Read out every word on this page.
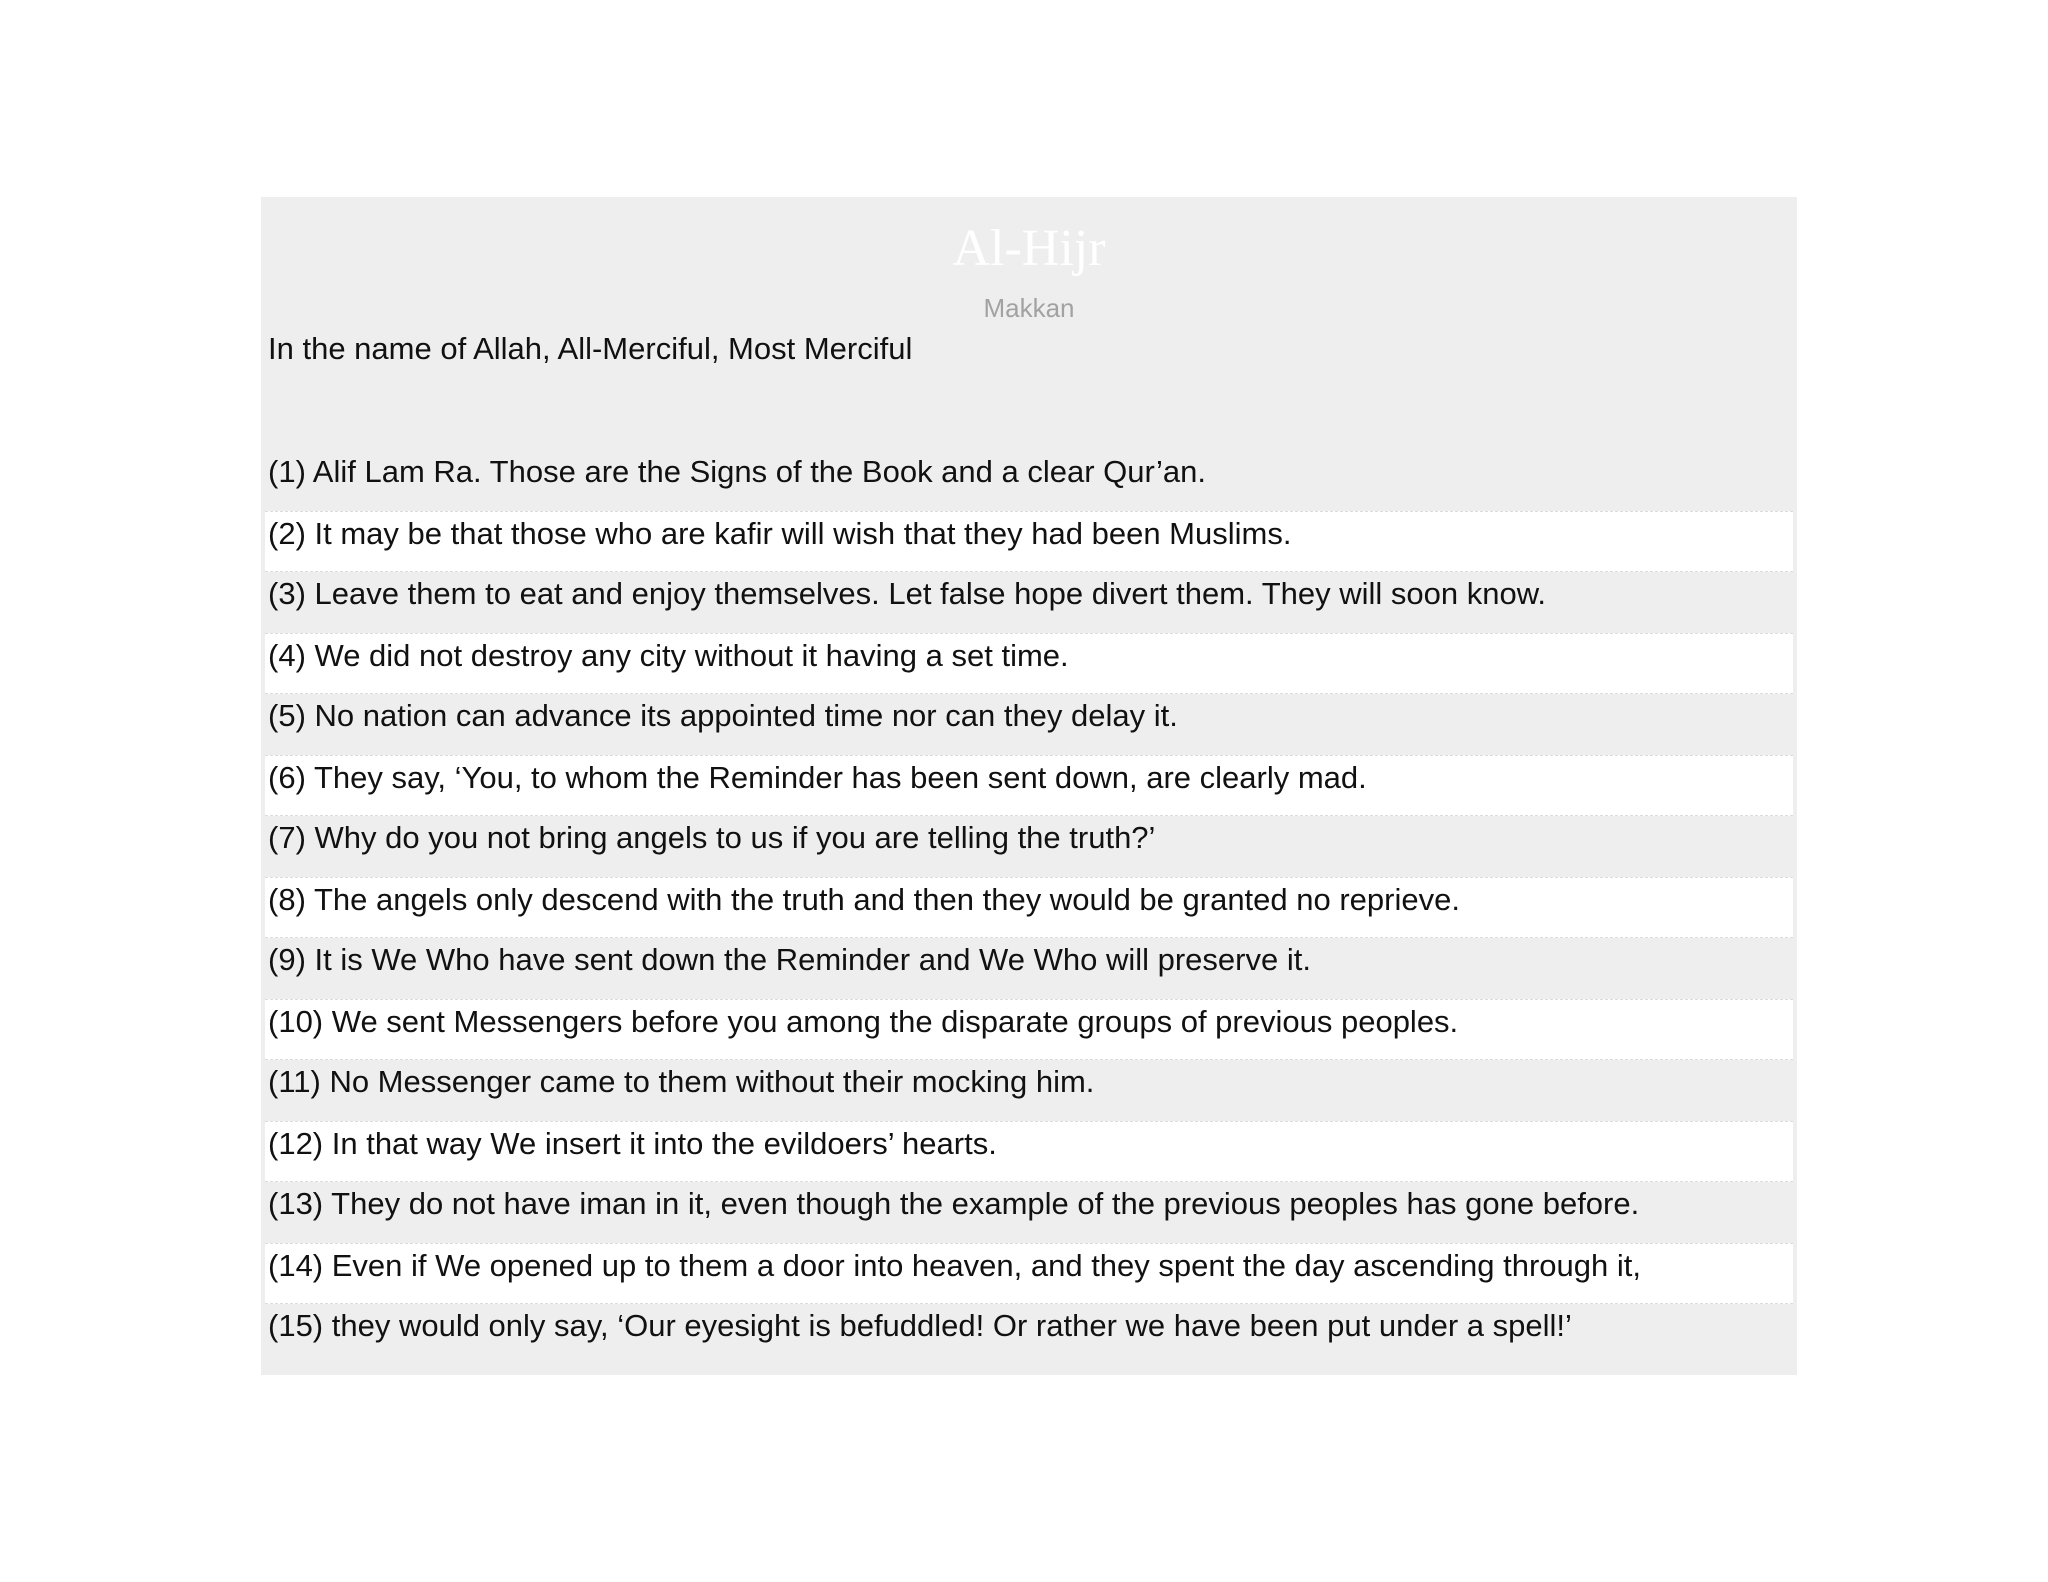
Al-Hijr
Makkan
In the name of Allah, All-Merciful, Most Merciful
(1) Alif Lam Ra. Those are the Signs of the Book and a clear Qur’an.
(2) It may be that those who are kafir will wish that they had been Muslims.
(3) Leave them to eat and enjoy themselves. Let false hope divert them. They will soon know.
(4) We did not destroy any city without it having a set time.
(5) No nation can advance its appointed time nor can they delay it.
(6) They say, ‘You, to whom the Reminder has been sent down, are clearly mad.
(7) Why do you not bring angels to us if you are telling the truth?’
(8) The angels only descend with the truth and then they would be granted no reprieve.
(9) It is We Who have sent down the Reminder and We Who will preserve it.
(10) We sent Messengers before you among the disparate groups of previous peoples.
(11) No Messenger came to them without their mocking him.
(12) In that way We insert it into the evildoers’ hearts.
(13) They do not have iman in it, even though the example of the previous peoples has gone before.
(14) Even if We opened up to them a door into heaven, and they spent the day ascending through it,
(15) they would only say, ‘Our eyesight is befuddled! Or rather we have been put under a spell!’
